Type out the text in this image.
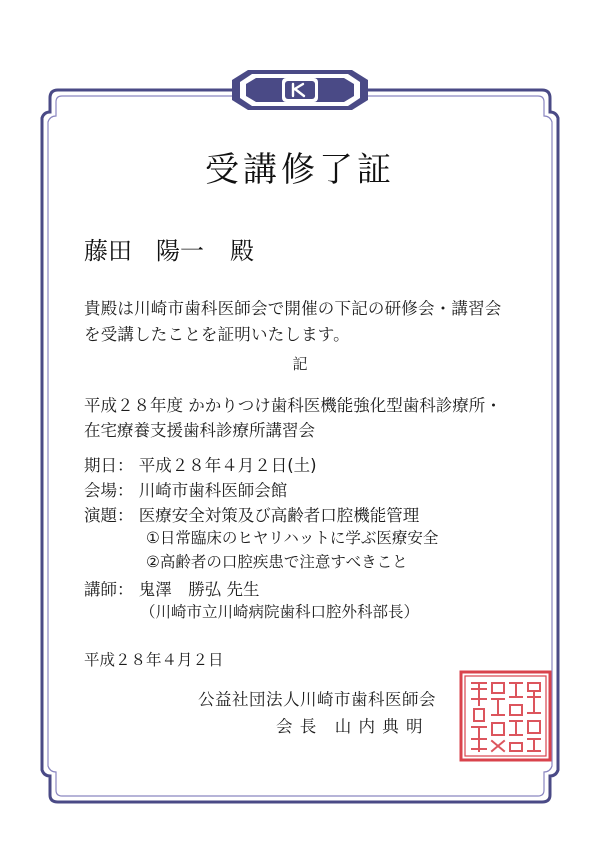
受講修了証
藤田　陽一 殿
貴殿は川崎市歯科医師会で開催の下記の研修会・講習会
を受講したことを証明いたします。
記
平成２８年度 かかりつけ歯科医機能強化型歯科診療所・
在宅療養支援歯科診療所講習会
期日： 平成２８年４月２日(土)
会場： 川崎市歯科医師会館
演題： 医療安全対策及び高齢者口腔機能管理
①日常臨床のヒヤリハットに学ぶ医療安全
②高齢者の口腔疾患で注意すべきこと
講師： 鬼澤　勝弘 先生
（川崎市立川崎病院歯科口腔外科部長）
平成２８年４月２日
公益社団法人川崎市歯科医師会
会 長　山 内 典 明
